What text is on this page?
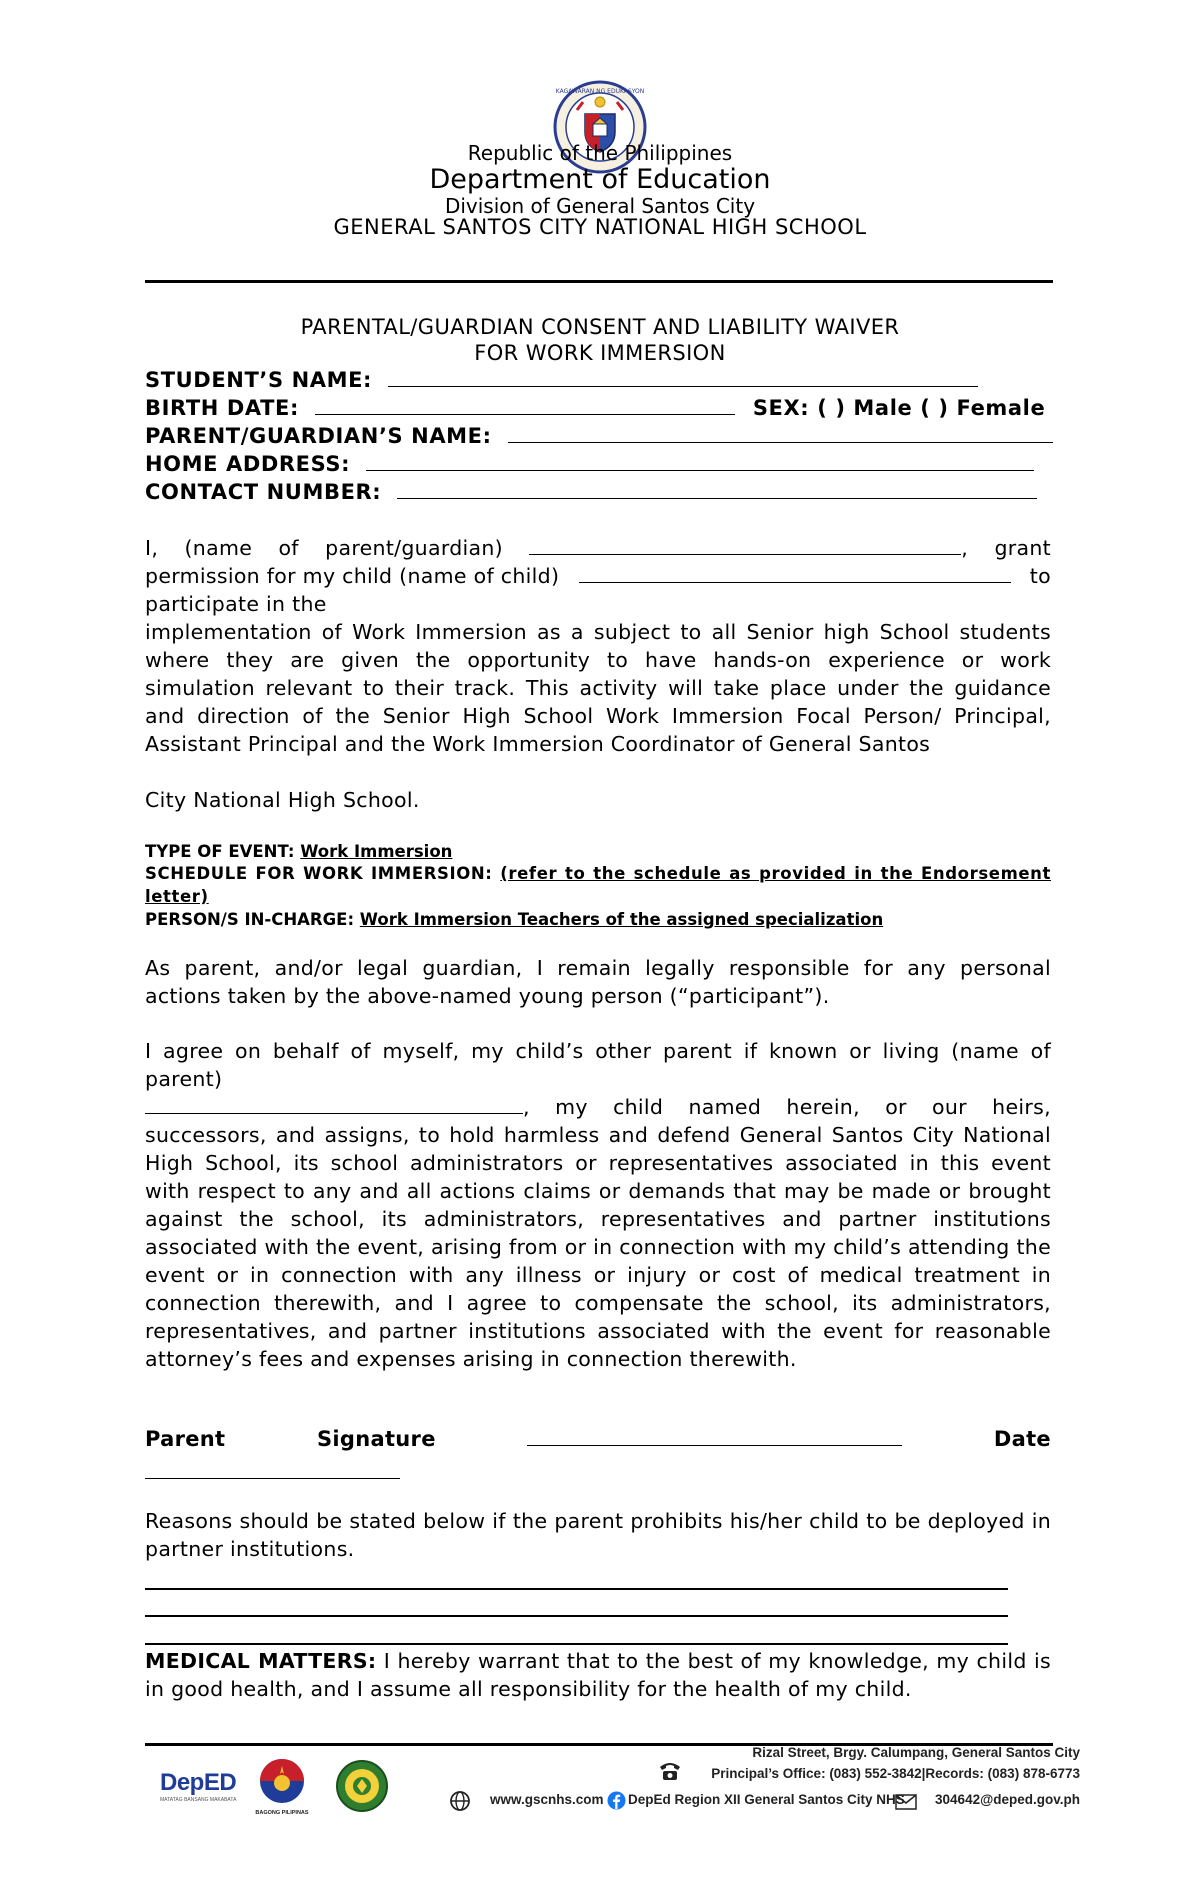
KAGAWARAN NG EDUKASYON
Republic of the Philippines
Department of Education
Division of General Santos City
GENERAL SANTOS CITY NATIONAL HIGH SCHOOL
PARENTAL/GUARDIAN CONSENT AND LIABILITY WAIVER
FOR WORK IMMERSION
STUDENT’S NAME:
BIRTH DATE:	SEX: ( ) Male ( ) Female
PARENT/GUARDIAN’S NAME:
HOME ADDRESS:
CONTACT NUMBER:
I, (name of parent/guardian)	, grant
permission for my child (name of child)	to
participate in the
implementation of Work Immersion as a subject to all Senior high School students where they are given the opportunity to have hands-on experience or work simulation relevant to their track. This activity will take place under the guidance and direction of the Senior High School Work Immersion Focal Person/ Principal, Assistant Principal and the Work Immersion Coordinator of General Santos
City National High School.
TYPE OF EVENT: Work Immersion
SCHEDULE FOR WORK IMMERSION: (refer to the schedule as provided in the Endorsement letter)
PERSON/S IN-CHARGE: Work Immersion Teachers of the assigned specialization
As parent, and/or legal guardian, I remain legally responsible for any personal actions taken by the above-named young person (“participant”).
I agree on behalf of myself, my child’s other parent if known or living (name of parent)
, my child named herein, or our heirs,
successors, and assigns, to hold harmless and defend General Santos City National High School, its school administrators or representatives associated in this event with respect to any and all actions claims or demands that may be made or brought against the school, its administrators, representatives and partner institutions associated with the event, arising from or in connection with my child’s attending the event or in connection with any illness or injury or cost of medical treatment in connection therewith, and I agree to compensate the school, its administrators, representatives, and partner institutions associated with the event for reasonable attorney’s fees and expenses arising in connection therewith.
Parent	Signature	Date
Reasons should be stated below if the parent prohibits his/her child to be deployed in partner institutions.
MEDICAL MATTERS: I hereby warrant that to the best of my knowledge, my child is in good health, and I assume all responsibility for the health of my child.
DepED
MATATAG BANSANG MAKABATA
BAGONG PILIPINAS
Rizal Street, Brgy. Calumpang, General Santos City
Principal’s Office: (083) 552-3842|Records: (083) 878-6773
www.gscnhs.com DepEd Region XII General Santos City NHS 304642@deped.gov.ph
